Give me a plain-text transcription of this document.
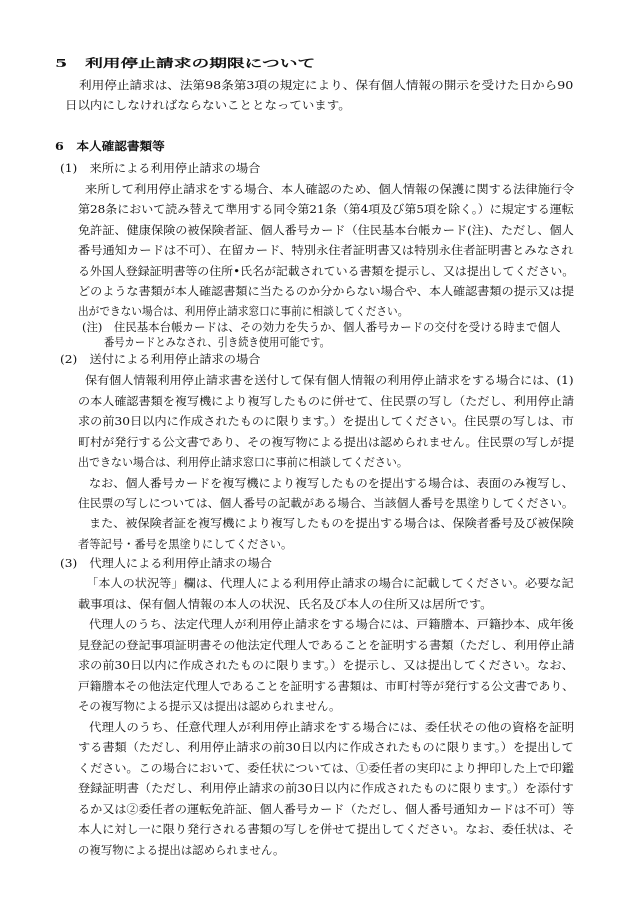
5　利用停止請求の期限について
利用停止請求は、法第98条第3項の規定により、保有個人情報の開示を受けた日から90
日以内にしなければならないこととなっています。
6　本人確認書類等
(1)　来所による利用停止請求の場合
来所して利用停止請求をする場合、本人確認のため、個人情報の保護に関する法律施行令
第28条において読み替えて準用する同令第21条（第4項及び第5項を除く。）に規定する運転
免許証、健康保険の被保険者証、個人番号カード（住民基本台帳カード(注)、ただし、個人
番号通知カードは不可）、在留カード、特別永住者証明書又は特別永住者証明書とみなされ
る外国人登録証明書等の住所•氏名が記載されている書類を提示し、又は提出してください。
どのような書類が本人確認書類に当たるのか分からない場合や、本人確認書類の提示又は提
出ができない場合は、利用停止請求窓口に事前に相談してください。
(注)　住民基本台帳カードは、その効力を失うか、個人番号カードの交付を受ける時まで個人
番号カードとみなされ、引き続き使用可能です。
(2)　送付による利用停止請求の場合
保有個人情報利用停止請求書を送付して保有個人情報の利用停止請求をする場合には、(1)
の本人確認書類を複写機により複写したものに併せて、住民票の写し（ただし、利用停止請
求の前30日以内に作成されたものに限ります。）を提出してください。住民票の写しは、市
町村が発行する公文書であり、その複写物による提出は認められません。住民票の写しが提
出できない場合は、利用停止請求窓口に事前に相談してください。
なお、個人番号カードを複写機により複写したものを提出する場合は、表面のみ複写し、
住民票の写しについては、個人番号の記載がある場合、当該個人番号を黒塗りしてください。
また、被保険者証を複写機により複写したものを提出する場合は、保険者番号及び被保険
者等記号・番号を黒塗りにしてください。
(3)　代理人による利用停止請求の場合
「本人の状況等」欄は、代理人による利用停止請求の場合に記載してください。必要な記
載事項は、保有個人情報の本人の状況、氏名及び本人の住所又は居所です。
代理人のうち、法定代理人が利用停止請求をする場合には、戸籍謄本、戸籍抄本、成年後
見登記の登記事項証明書その他法定代理人であることを証明する書類（ただし、利用停止請
求の前30日以内に作成されたものに限ります。）を提示し、又は提出してください。なお、
戸籍謄本その他法定代理人であることを証明する書類は、市町村等が発行する公文書であり、
その複写物による提示又は提出は認められません。
代理人のうち、任意代理人が利用停止請求をする場合には、委任状その他の資格を証明
する書類（ただし、利用停止請求の前30日以内に作成されたものに限ります。）を提出して
ください。この場合において、委任状については、①委任者の実印により押印した上で印鑑
登録証明書（ただし、利用停止請求の前30日以内に作成されたものに限ります。）を添付す
るか又は②委任者の運転免許証、個人番号カード（ただし、個人番号通知カードは不可）等
本人に対し一に限り発行される書類の写しを併せて提出してください。なお、委任状は、そ
の複写物による提出は認められません。
